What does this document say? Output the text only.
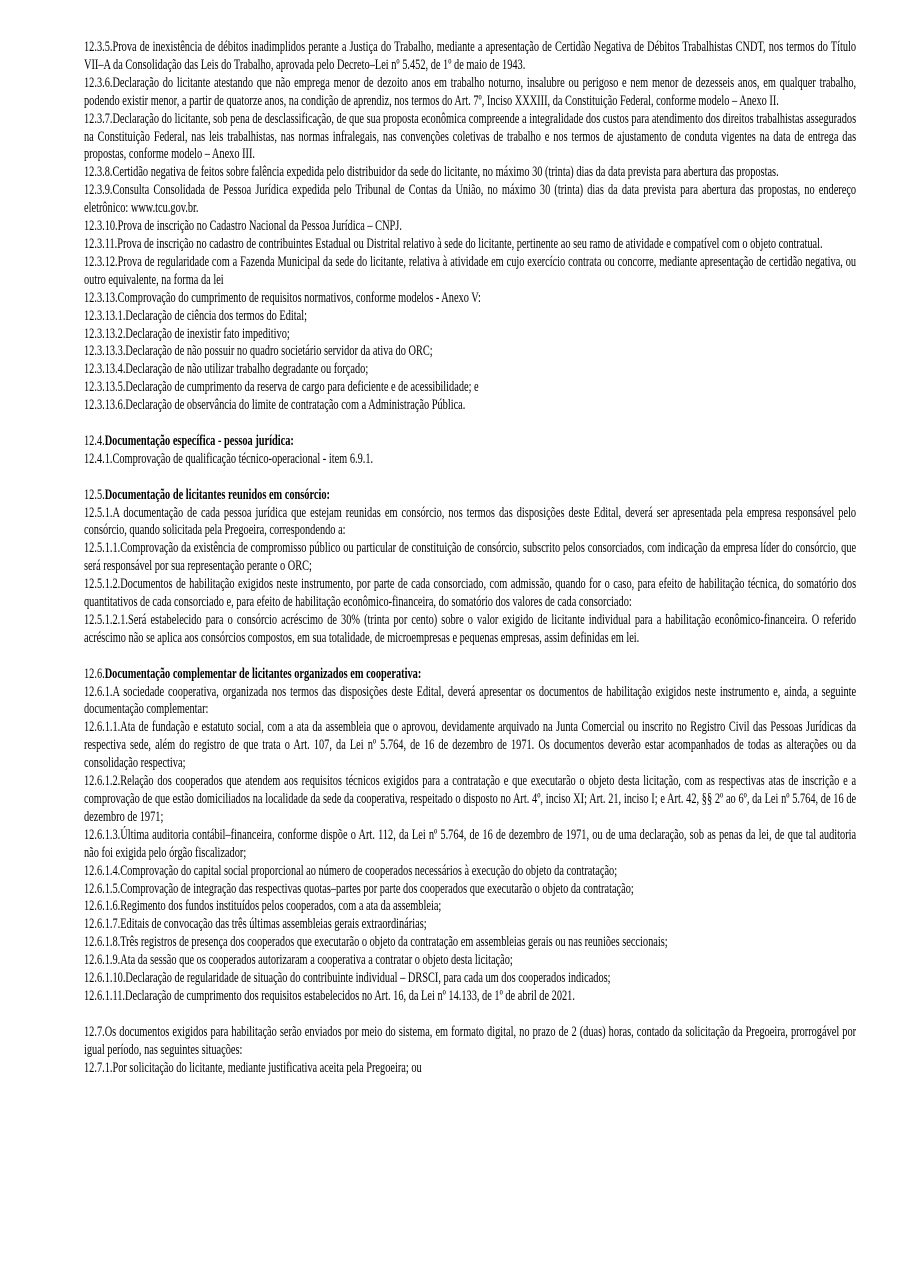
12.3.5.Prova de inexistência de débitos inadimplidos perante a Justiça do Trabalho, mediante a apresentação de Certidão Negativa de Débitos Trabalhistas CNDT, nos termos do Título VII–A da Consolidação das Leis do Trabalho, aprovada pelo Decreto–Lei nº 5.452, de 1º de maio de 1943.
12.3.6.Declaração do licitante atestando que não emprega menor de dezoito anos em trabalho noturno, insalubre ou perigoso e nem menor de dezesseis anos, em qualquer trabalho, podendo existir menor, a partir de quatorze anos, na condição de aprendiz, nos termos do Art. 7º, Inciso XXXIII, da Constituição Federal, conforme modelo – Anexo II.
12.3.7.Declaração do licitante, sob pena de desclassificação, de que sua proposta econômica compreende a integralidade dos custos para atendimento dos direitos trabalhistas assegurados na Constituição Federal, nas leis trabalhistas, nas normas infralegais, nas convenções coletivas de trabalho e nos termos de ajustamento de conduta vigentes na data de entrega das propostas, conforme modelo – Anexo III.
12.3.8.Certidão negativa de feitos sobre falência expedida pelo distribuidor da sede do licitante, no máximo 30 (trinta) dias da data prevista para abertura das propostas.
12.3.9.Consulta Consolidada de Pessoa Jurídica expedida pelo Tribunal de Contas da União, no máximo 30 (trinta) dias da data prevista para abertura das propostas, no endereço eletrônico: www.tcu.gov.br.
12.3.10.Prova de inscrição no Cadastro Nacional da Pessoa Jurídica – CNPJ.
12.3.11.Prova de inscrição no cadastro de contribuintes Estadual ou Distrital relativo à sede do licitante, pertinente ao seu ramo de atividade e compatível com o objeto contratual.
12.3.12.Prova de regularidade com a Fazenda Municipal da sede do licitante, relativa à atividade em cujo exercício contrata ou concorre, mediante apresentação de certidão negativa, ou outro equivalente, na forma da lei
12.3.13.Comprovação do cumprimento de requisitos normativos, conforme modelos - Anexo V:
12.3.13.1.Declaração de ciência dos termos do Edital;
12.3.13.2.Declaração de inexistir fato impeditivo;
12.3.13.3.Declaração de não possuir no quadro societário servidor da ativa do ORC;
12.3.13.4.Declaração de não utilizar trabalho degradante ou forçado;
12.3.13.5.Declaração de cumprimento da reserva de cargo para deficiente e de acessibilidade; e
12.3.13.6.Declaração de observância do limite de contratação com a Administração Pública.
12.4.Documentação específica - pessoa jurídica:
12.4.1.Comprovação de qualificação técnico-operacional - item 6.9.1.
12.5.Documentação de licitantes reunidos em consórcio:
12.5.1.A documentação de cada pessoa jurídica que estejam reunidas em consórcio, nos termos das disposições deste Edital, deverá ser apresentada pela empresa responsável pelo consórcio, quando solicitada pela Pregoeira, correspondendo a:
12.5.1.1.Comprovação da existência de compromisso público ou particular de constituição de consórcio, subscrito pelos consorciados, com indicação da empresa líder do consórcio, que será responsável por sua representação perante o ORC;
12.5.1.2.Documentos de habilitação exigidos neste instrumento, por parte de cada consorciado, com admissão, quando for o caso, para efeito de habilitação técnica, do somatório dos quantitativos de cada consorciado e, para efeito de habilitação econômico-financeira, do somatório dos valores de cada consorciado:
12.5.1.2.1.Será estabelecido para o consórcio acréscimo de 30% (trinta por cento) sobre o valor exigido de licitante individual para a habilitação econômico-financeira. O referido acréscimo não se aplica aos consórcios compostos, em sua totalidade, de microempresas e pequenas empresas, assim definidas em lei.
12.6.Documentação complementar de licitantes organizados em cooperativa:
12.6.1.A sociedade cooperativa, organizada nos termos das disposições deste Edital, deverá apresentar os documentos de habilitação exigidos neste instrumento e, ainda, a seguinte documentação complementar:
12.6.1.1.Ata de fundação e estatuto social, com a ata da assembleia que o aprovou, devidamente arquivado na Junta Comercial ou inscrito no Registro Civil das Pessoas Jurídicas da respectiva sede, além do registro de que trata o Art. 107, da Lei nº 5.764, de 16 de dezembro de 1971. Os documentos deverão estar acompanhados de todas as alterações ou da consolidação respectiva;
12.6.1.2.Relação dos cooperados que atendem aos requisitos técnicos exigidos para a contratação e que executarão o objeto desta licitação, com as respectivas atas de inscrição e a comprovação de que estão domiciliados na localidade da sede da cooperativa, respeitado o disposto no Art. 4º, inciso XI; Art. 21, inciso I; e Art. 42, §§ 2º ao 6º, da Lei nº 5.764, de 16 de dezembro de 1971;
12.6.1.3.Última auditoria contábil–financeira, conforme dispõe o Art. 112, da Lei nº 5.764, de 16 de dezembro de 1971, ou de uma declaração, sob as penas da lei, de que tal auditoria não foi exigida pelo órgão fiscalizador;
12.6.1.4.Comprovação do capital social proporcional ao número de cooperados necessários à execução do objeto da contratação;
12.6.1.5.Comprovação de integração das respectivas quotas–partes por parte dos cooperados que executarão o objeto da contratação;
12.6.1.6.Regimento dos fundos instituídos pelos cooperados, com a ata da assembleia;
12.6.1.7.Editais de convocação das três últimas assembleias gerais extraordinárias;
12.6.1.8.Três registros de presença dos cooperados que executarão o objeto da contratação em assembleias gerais ou nas reuniões seccionais;
12.6.1.9.Ata da sessão que os cooperados autorizaram a cooperativa a contratar o objeto desta licitação;
12.6.1.10.Declaração de regularidade de situação do contribuinte individual – DRSCI, para cada um dos cooperados indicados;
12.6.1.11.Declaração de cumprimento dos requisitos estabelecidos no Art. 16, da Lei nº 14.133, de 1º de abril de 2021.
12.7.Os documentos exigidos para habilitação serão enviados por meio do sistema, em formato digital, no prazo de 2 (duas) horas, contado da solicitação da Pregoeira, prorrogável por igual período, nas seguintes situações:
12.7.1.Por solicitação do licitante, mediante justificativa aceita pela Pregoeira; ou
